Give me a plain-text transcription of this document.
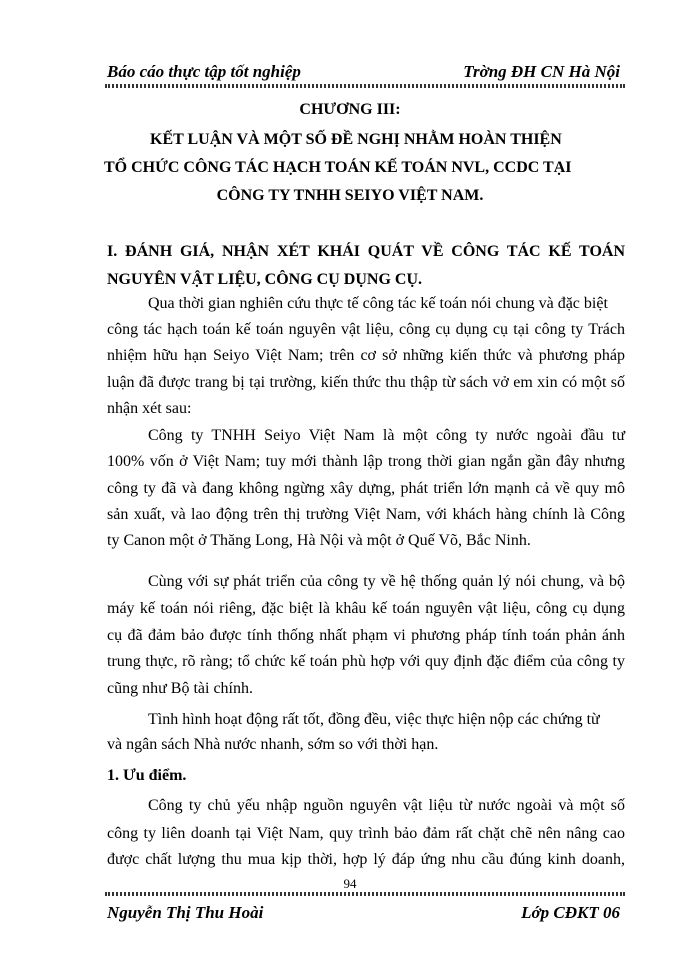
Báo cáo thực tập tốt nghiệp	Trờng ĐH CN Hà Nội
CHƯƠNG III:
KẾT LUẬN VÀ MỘT SỐ ĐỀ NGHỊ NHẰM HOÀN THIỆN
TỔ CHỨC CÔNG TÁC HẠCH TOÁN KẾ TOÁN NVL, CCDC TẠI
CÔNG TY TNHH SEIYO VIỆT NAM.
I. ĐÁNH GIÁ, NHẬN XÉT KHÁI QUÁT VỀ CÔNG TÁC KẾ TOÁN
NGUYÊN VẬT LIỆU, CÔNG CỤ DỤNG CỤ.
Qua thời gian nghiên cứu thực tế công tác kế toán nói chung và đặc biệt
công tác hạch toán kế toán nguyên vật liệu, công cụ dụng cụ tại công ty Trách
nhiệm hữu hạn Seiyo Việt Nam; trên cơ sở những kiến thức và phương pháp
luận đã được trang bị tại trường, kiến thức thu thập từ sách vở em xin có một số
nhận xét sau:
Công ty TNHH Seiyo Việt Nam là một công ty nước ngoài đầu tư
100% vốn ở Việt Nam; tuy mới thành lập trong thời gian ngắn gần đây nhưng
công ty đã và đang không ngừng xây dựng, phát triển lớn mạnh cả về quy mô
sản xuất, và lao động trên thị trường Việt Nam, với khách hàng chính là Công
ty Canon một ở Thăng Long, Hà Nội và một ở Quế Võ, Bắc Ninh.
Cùng với sự phát triển của công ty về hệ thống quản lý nói chung, và bộ
máy kế toán nói riêng, đặc biệt là khâu kế toán nguyên vật liệu, công cụ dụng
cụ đã đảm bảo được tính thống nhất phạm vi phương pháp tính toán phản ánh
trung thực, rõ ràng; tổ chức kế toán phù hợp với quy định đặc điểm của công ty
cũng như Bộ tài chính.
Tình hình hoạt động rất tốt, đồng đều, việc thực hiện nộp các chứng từ
và ngân sách Nhà nước nhanh, sớm so với thời hạn.
1. Ưu điểm.
Công ty chủ yếu nhập nguồn nguyên vật liệu từ nước ngoài và một số
công ty liên doanh tại Việt Nam, quy trình bảo đảm rất chặt chẽ nên nâng cao
được chất lượng thu mua kịp thời, hợp lý đáp ứng nhu cầu đúng kinh doanh,
94
Nguyễn Thị Thu Hoài	Lớp CĐKT 06
